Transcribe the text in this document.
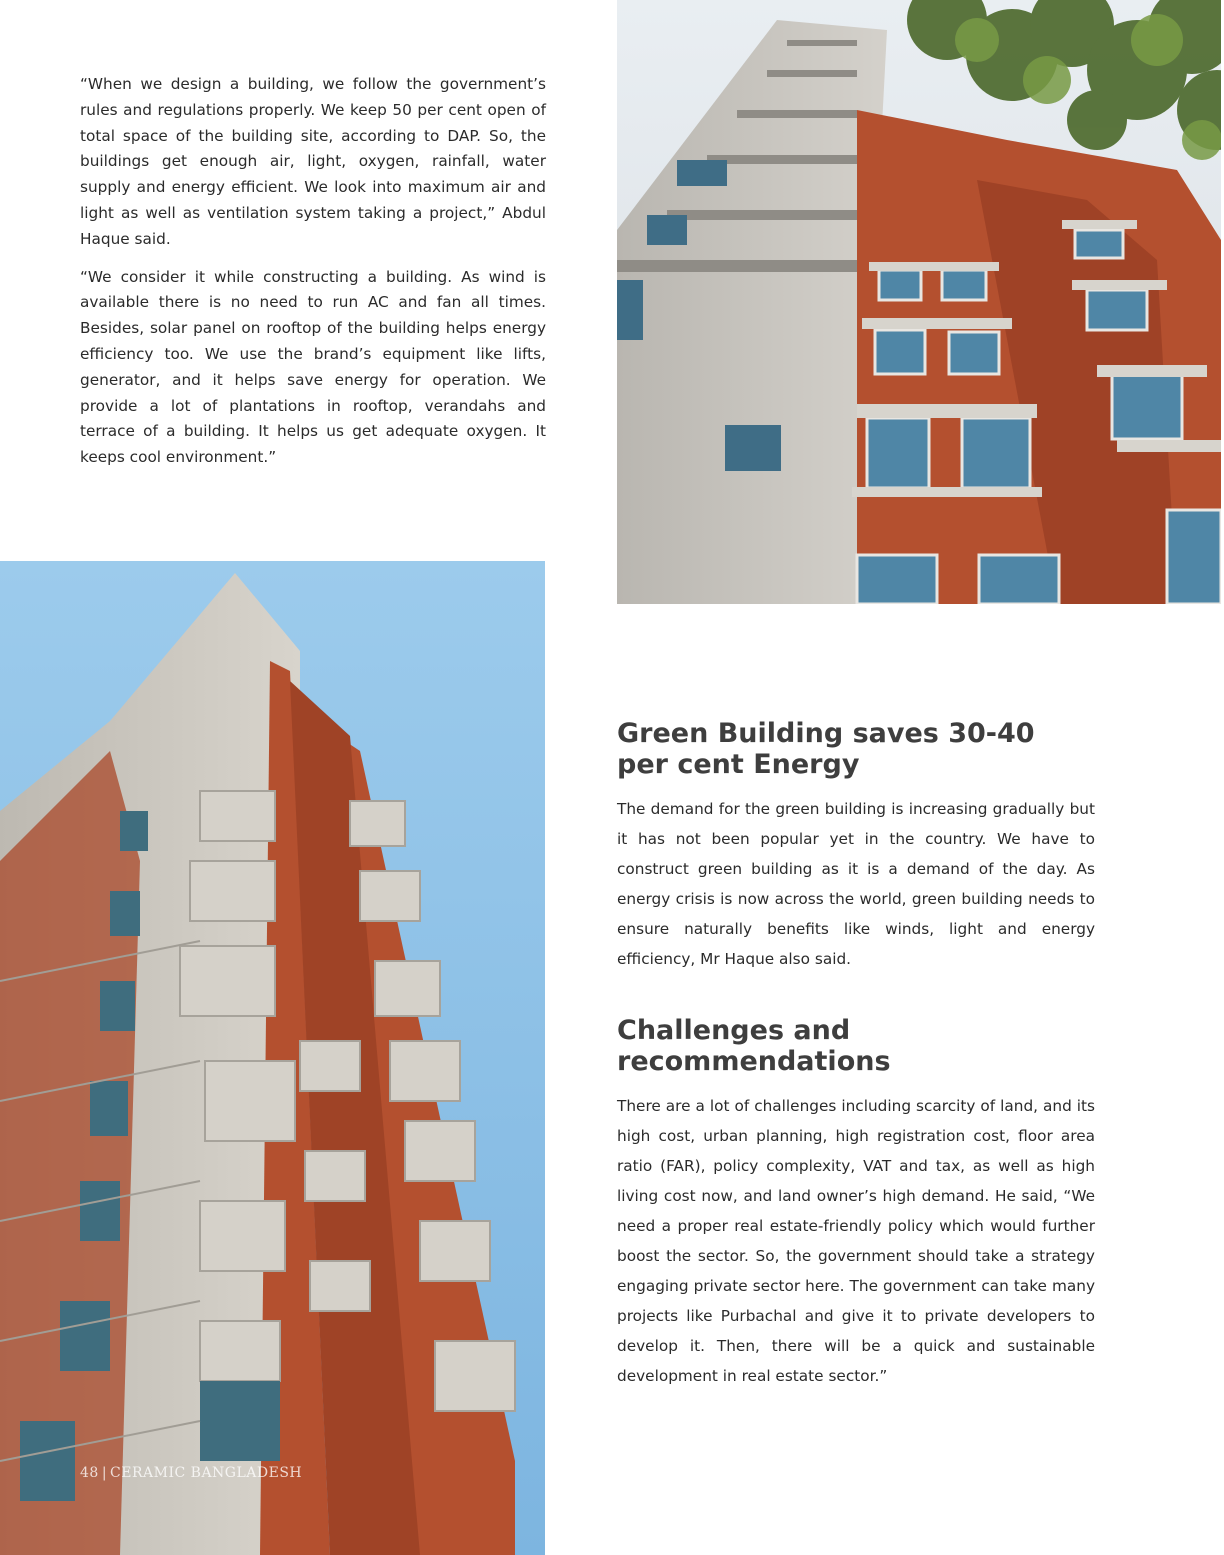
“When we design a building, we follow the government’s rules and regulations properly. We keep 50 per cent open of total space of the building site, according to DAP. So, the buildings get enough air, light, oxygen, rainfall, water supply and energy efficient. We look into maximum air and light as well as ventilation system taking a project,” Abdul Haque said.

“We consider it while constructing a building. As wind is available there is no need to run AC and fan all times. Besides, solar panel on rooftop of the building helps energy efficiency too. We use the brand’s equipment like lifts, generator, and it helps save energy for operation. We provide a lot of plantations in rooftop, verandahs and terrace of a building. It helps us get adequate oxygen. It keeps cool environment.”

Green Building saves 30-40
per cent Energy

The demand for the green building is increasing gradually but it has not been popular yet in the country. We have to construct green building as it is a demand of the day. As energy crisis is now across the world, green building needs to ensure naturally benefits like winds, light and energy efficiency, Mr Haque also said.

Challenges and
recommendations

There are a lot of challenges including scarcity of land, and its high cost, urban planning, high registration cost, floor area ratio (FAR), policy complexity, VAT and tax, as well as high living cost now, and land owner’s high demand. He said, “We need a proper real estate-friendly policy which would further boost the sector. So, the government should take a strategy engaging private sector here. The government can take many projects like Purbachal and give it to private developers to develop it. Then, there will be a quick and sustainable development in real estate sector.”

48 | CERAMIC BANGLADESH
